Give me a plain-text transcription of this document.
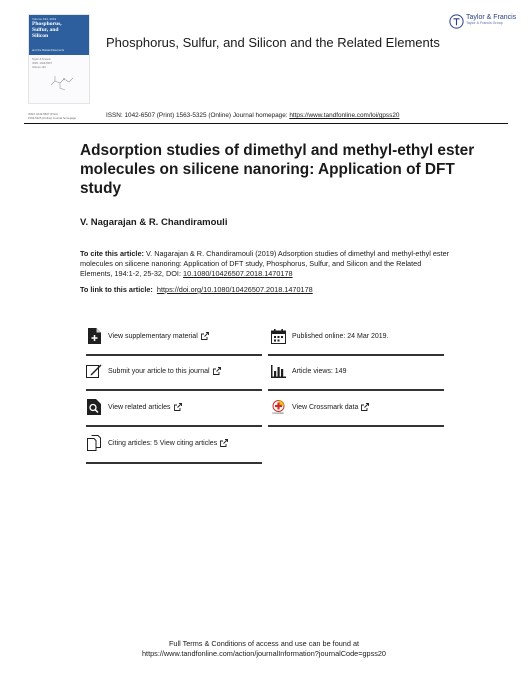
Volume 194, 2019
Phosphorus,
Sulfur, and
Silicon
and the Related Elements
Taylor & Francis
ISSN: 1042-6507
Volume 194
Phosphorus, Sulfur, and Silicon and the Related Elements
Taylor & Francis
Taylor & Francis Group
ISSN: 1042-6507 (Print)
1563-5325 (Online) Journal homepage	ISSN: 1042-6507 (Print) 1563-5325 (Online) Journal homepage: https://www.tandfonline.com/loi/gpss20
Adsorption studies of dimethyl and methyl-ethyl ester molecules on silicene nanoring: Application of DFT study
V. Nagarajan & R. Chandiramouli
To cite this article: V. Nagarajan & R. Chandiramouli (2019) Adsorption studies of dimethyl and methyl-ethyl ester molecules on silicene nanoring: Application of DFT study, Phosphorus, Sulfur, and Silicon and the Related Elements, 194:1-2, 25-32, DOI: 10.1080/10426507.2018.1470178
To link to this article: https://doi.org/10.1080/10426507.2018.1470178
View supplementary material	Published online: 24 Mar 2019.
Submit your article to this journal	Article views: 149
View related articles
CrossMark
View Crossmark data
Citing articles: 5 View citing articles
Full Terms & Conditions of access and use can be found at
https://www.tandfonline.com/action/journalInformation?journalCode=gpss20
